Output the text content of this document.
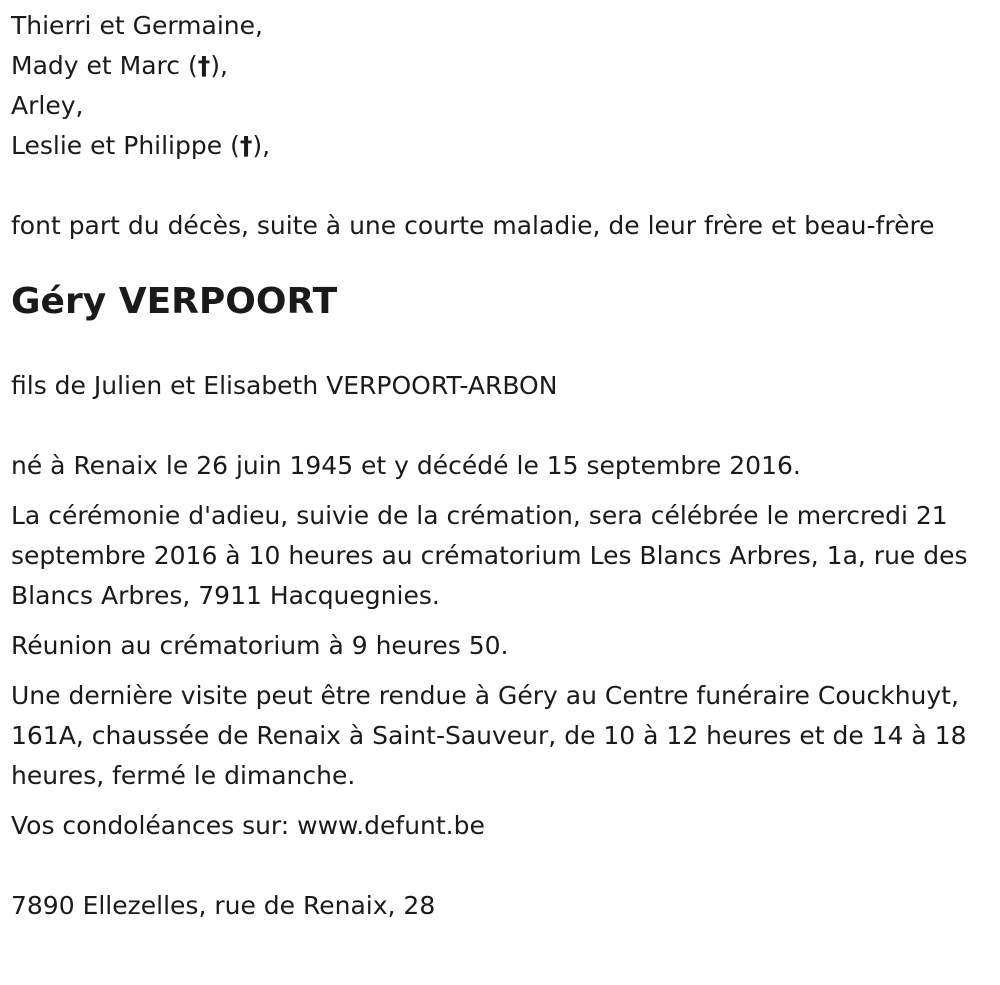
Thierri et Germaine,

Mady et Marc (†),

Arley,

Leslie et Philippe (†),

font part du décès, suite à une courte maladie, de leur frère et beau-frère

Géry VERPOORT

fils de Julien et Elisabeth VERPOORT-ARBON

né à Renaix le 26 juin 1945 et y décédé le 15 septembre 2016.

La cérémonie d'adieu, suivie de la crémation, sera célébrée le mercredi 21 septembre 2016 à 10 heures au crématorium Les Blancs Arbres, 1a, rue des Blancs Arbres, 7911 Hacquegnies.

Réunion au crématorium à 9 heures 50.

Une dernière visite peut être rendue à Géry au Centre funéraire Couckhuyt, 161A, chaussée de Renaix à Saint-Sauveur, de 10 à 12 heures et de 14 à 18 heures, fermé le dimanche.

Vos condoléances sur: www.defunt.be

7890 Ellezelles, rue de Renaix, 28
